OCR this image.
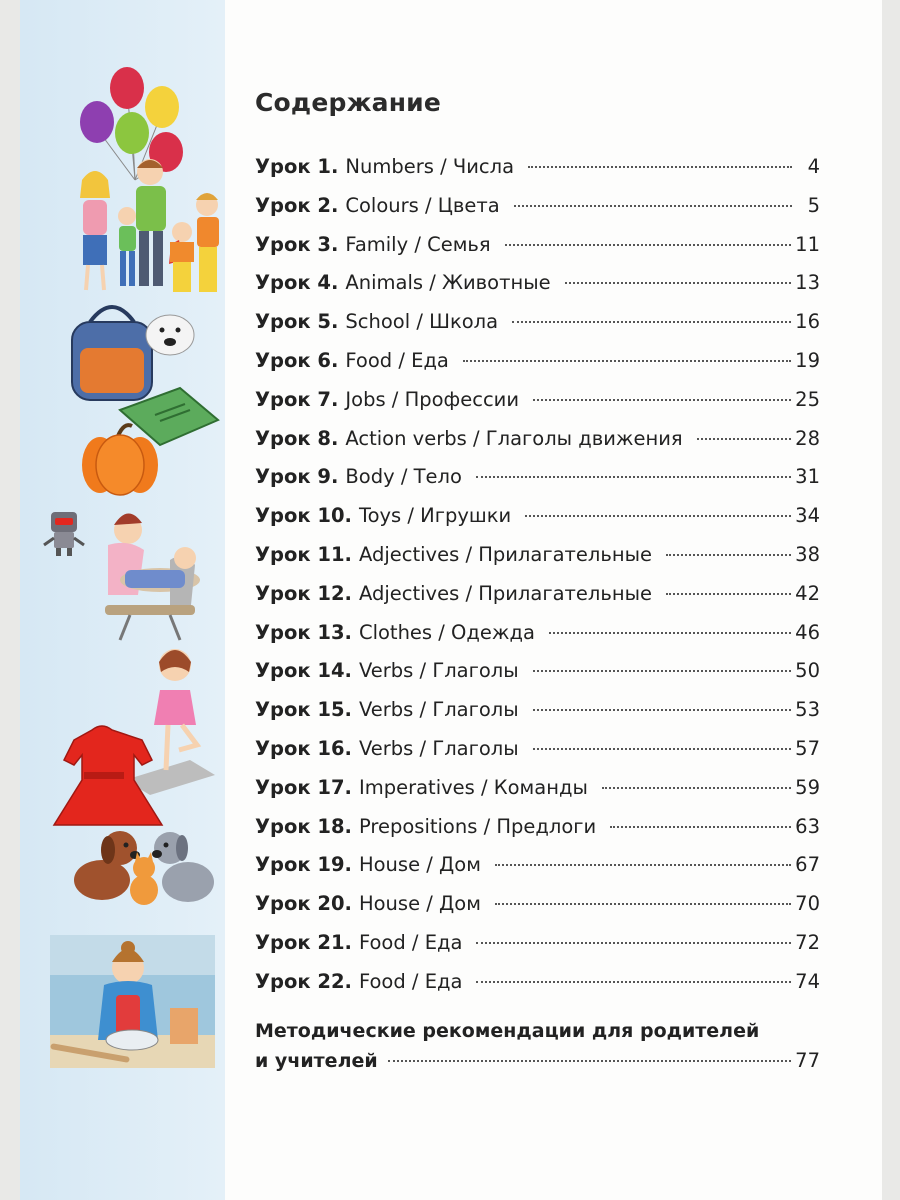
Содержание
Урок 1. Numbers / Числа	4
Урок 2. Colours / Цвета	5
Урок 3. Family / Семья	11
Урок 4. Animals / Животные	13
Урок 5. School / Школа	16
Урок 6. Food / Еда	19
Урок 7. Jobs / Профессии	25
Урок 8. Action verbs / Глаголы движения	28
Урок 9. Body / Тело	31
Урок 10. Toys / Игрушки	34
Урок 11. Adjectives / Прилагательные	38
Урок 12. Adjectives / Прилагательные	42
Урок 13. Clothes / Одежда	46
Урок 14. Verbs / Глаголы	50
Урок 15. Verbs / Глаголы	53
Урок 16. Verbs / Глаголы	57
Урок 17. Imperatives / Команды	59
Урок 18. Prepositions / Предлоги	63
Урок 19. House / Дом	67
Урок 20. House / Дом	70
Урок 21. Food / Еда	72
Урок 22. Food / Еда	74
Методические рекомендации для родителей
и учителей	77
